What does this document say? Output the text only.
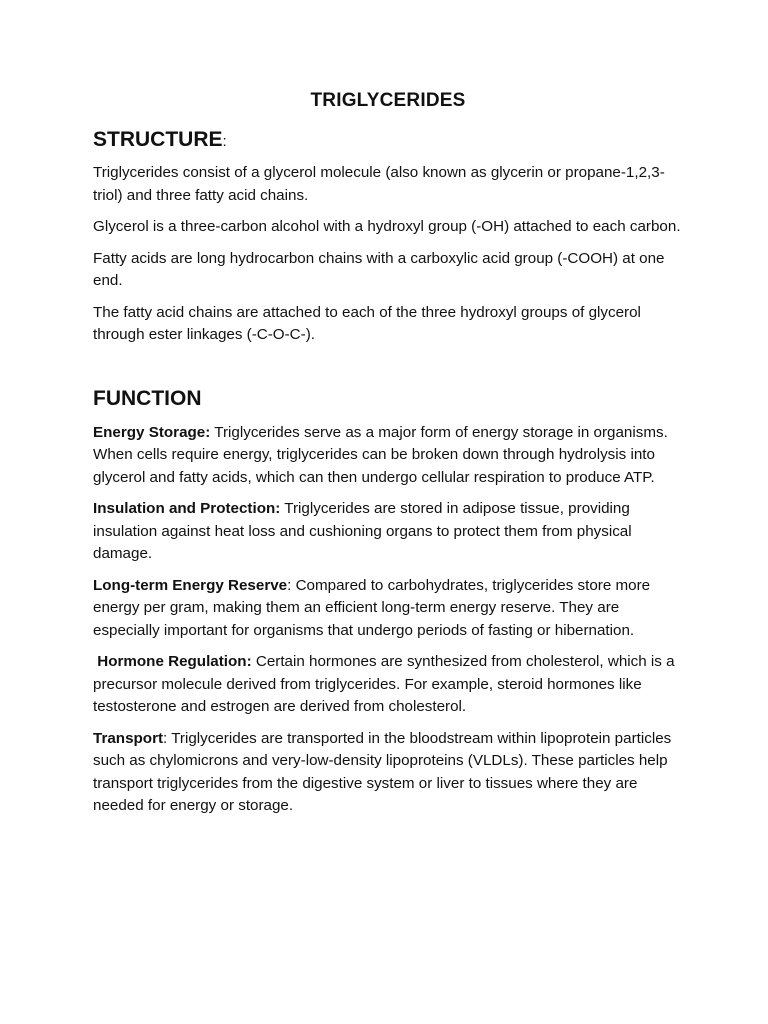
TRIGLYCERIDES
STRUCTURE:

Triglycerides consist of a glycerol molecule (also known as glycerin or propane-1,2,3-triol) and three fatty acid chains.

Glycerol is a three-carbon alcohol with a hydroxyl group (-OH) attached to each carbon.

Fatty acids are long hydrocarbon chains with a carboxylic acid group (-COOH) at one end.

The fatty acid chains are attached to each of the three hydroxyl groups of glycerol through ester linkages (-C-O-C-).

FUNCTION

Energy Storage: Triglycerides serve as a major form of energy storage in organisms. When cells require energy, triglycerides can be broken down through hydrolysis into glycerol and fatty acids, which can then undergo cellular respiration to produce ATP.

Insulation and Protection: Triglycerides are stored in adipose tissue, providing insulation against heat loss and cushioning organs to protect them from physical damage.

Long-term Energy Reserve: Compared to carbohydrates, triglycerides store more energy per gram, making them an efficient long-term energy reserve. They are especially important for organisms that undergo periods of fasting or hibernation.

Hormone Regulation: Certain hormones are synthesized from cholesterol, which is a precursor molecule derived from triglycerides. For example, steroid hormones like testosterone and estrogen are derived from cholesterol.

Transport: Triglycerides are transported in the bloodstream within lipoprotein particles such as chylomicrons and very-low-density lipoproteins (VLDLs). These particles help transport triglycerides from the digestive system or liver to tissues where they are needed for energy or storage.
